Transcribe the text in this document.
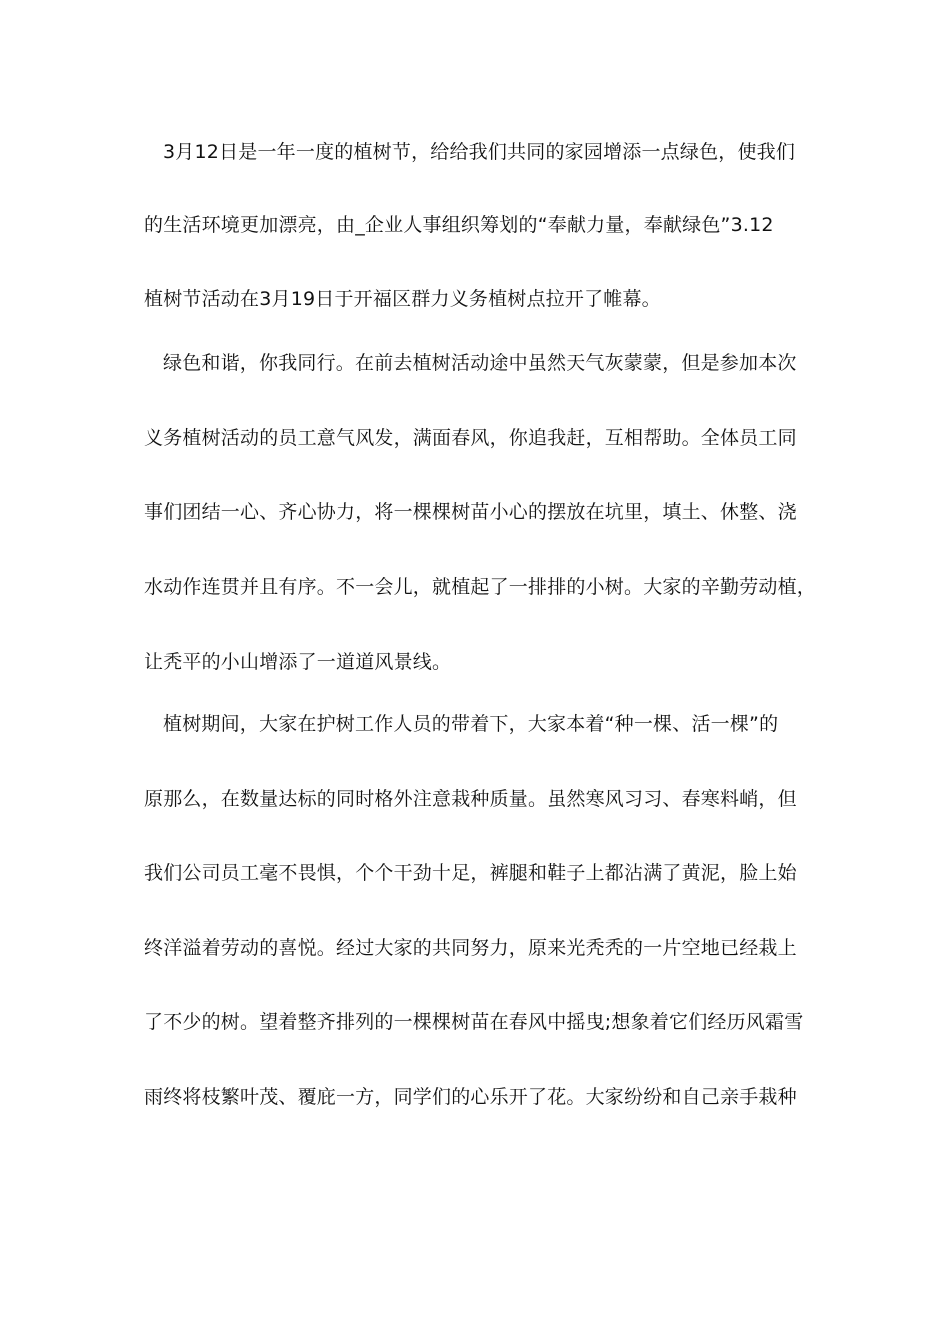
3月12日是一年一度的植树节，给给我们共同的家园增添一点绿色，使我们
的生活环境更加漂亮，由_企业人事组织筹划的“奉献力量，奉献绿色”3.12
植树节活动在3月19日于开福区群力义务植树点拉开了帷幕。
绿色和谐，你我同行。在前去植树活动途中虽然天气灰蒙蒙，但是参加本次
义务植树活动的员工意气风发，满面春风，你追我赶，互相帮助。全体员工同
事们团结一心、齐心协力，将一棵棵树苗小心的摆放在坑里，填土、休整、浇
水动作连贯并且有序。不一会儿，就植起了一排排的小树。大家的辛勤劳动植，
让秃平的小山增添了一道道风景线。
植树期间，大家在护树工作人员的带着下，大家本着“种一棵、活一棵”的
原那么，在数量达标的同时格外注意栽种质量。虽然寒风习习、春寒料峭，但
我们公司员工毫不畏惧，个个干劲十足，裤腿和鞋子上都沾满了黄泥，脸上始
终洋溢着劳动的喜悦。经过大家的共同努力，原来光秃秃的一片空地已经栽上
了不少的树。望着整齐排列的一棵棵树苗在春风中摇曳;想象着它们经历风霜雪
雨终将枝繁叶茂、覆庇一方，同学们的心乐开了花。大家纷纷和自己亲手栽种
